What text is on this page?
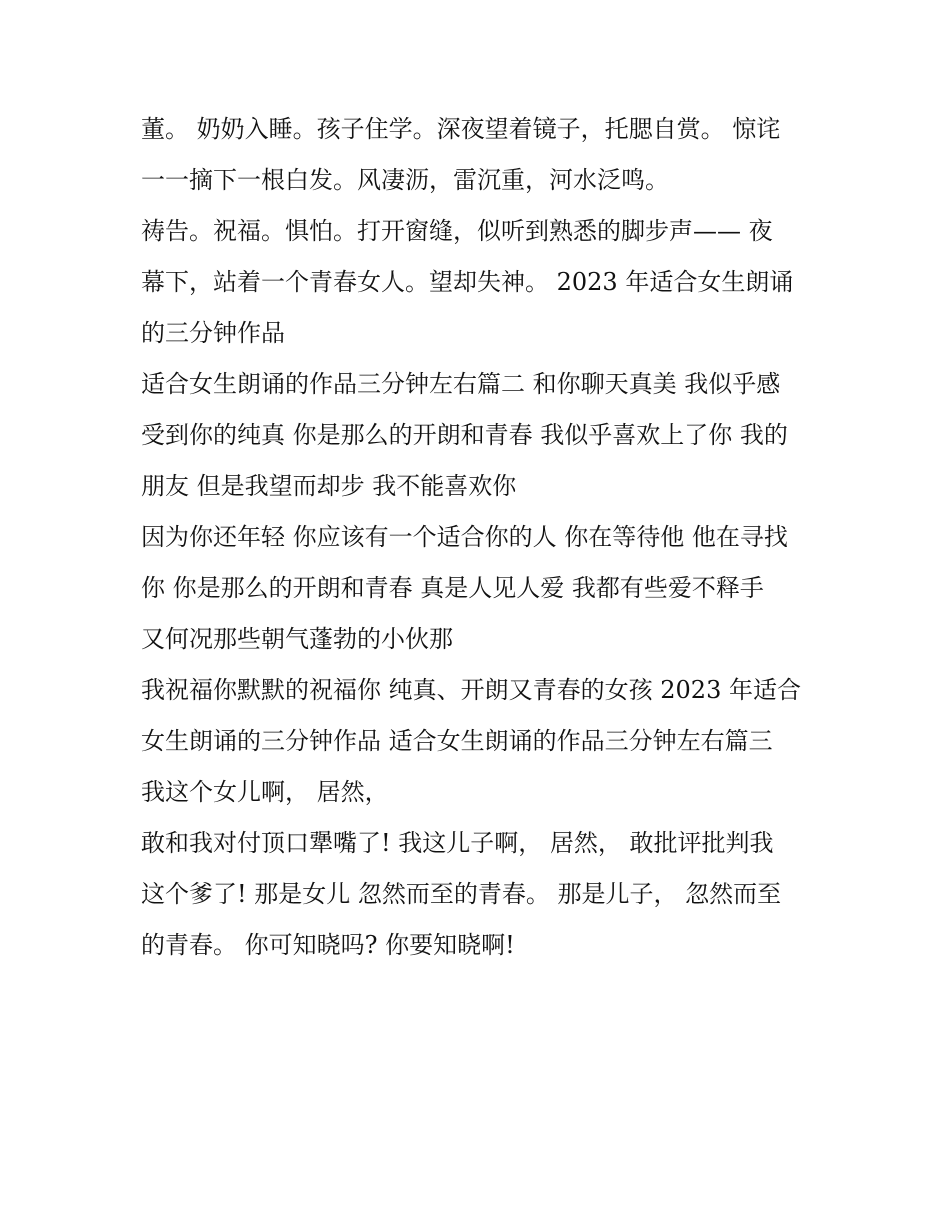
董。 奶奶入睡。孩子住学。深夜望着镜子，托腮自赏。 惊诧
一一摘下一根白发。风凄沥，雷沉重，河水泛鸣。
祷告。祝福。惧怕。打开窗缝，似听到熟悉的脚步声—— 夜
幕下，站着一个青春女人。望却失神。 2023 年适合女生朗诵
的三分钟作品
适合女生朗诵的作品三分钟左右篇二 和你聊天真美 我似乎感
受到你的纯真 你是那么的开朗和青春 我似乎喜欢上了你 我的
朋友 但是我望而却步 我不能喜欢你
因为你还年轻 你应该有一个适合你的人 你在等待他 他在寻找
你 你是那么的开朗和青春 真是人见人爱 我都有些爱不释手
又何况那些朝气蓬勃的小伙那
我祝福你默默的祝福你 纯真、开朗又青春的女孩 2023 年适合
女生朗诵的三分钟作品 适合女生朗诵的作品三分钟左右篇三
我这个女儿啊， 居然，
敢和我对付顶口犟嘴了! 我这儿子啊， 居然， 敢批评批判我
这个爹了! 那是女儿 忽然而至的青春。 那是儿子， 忽然而至
的青春。 你可知晓吗? 你要知晓啊!
